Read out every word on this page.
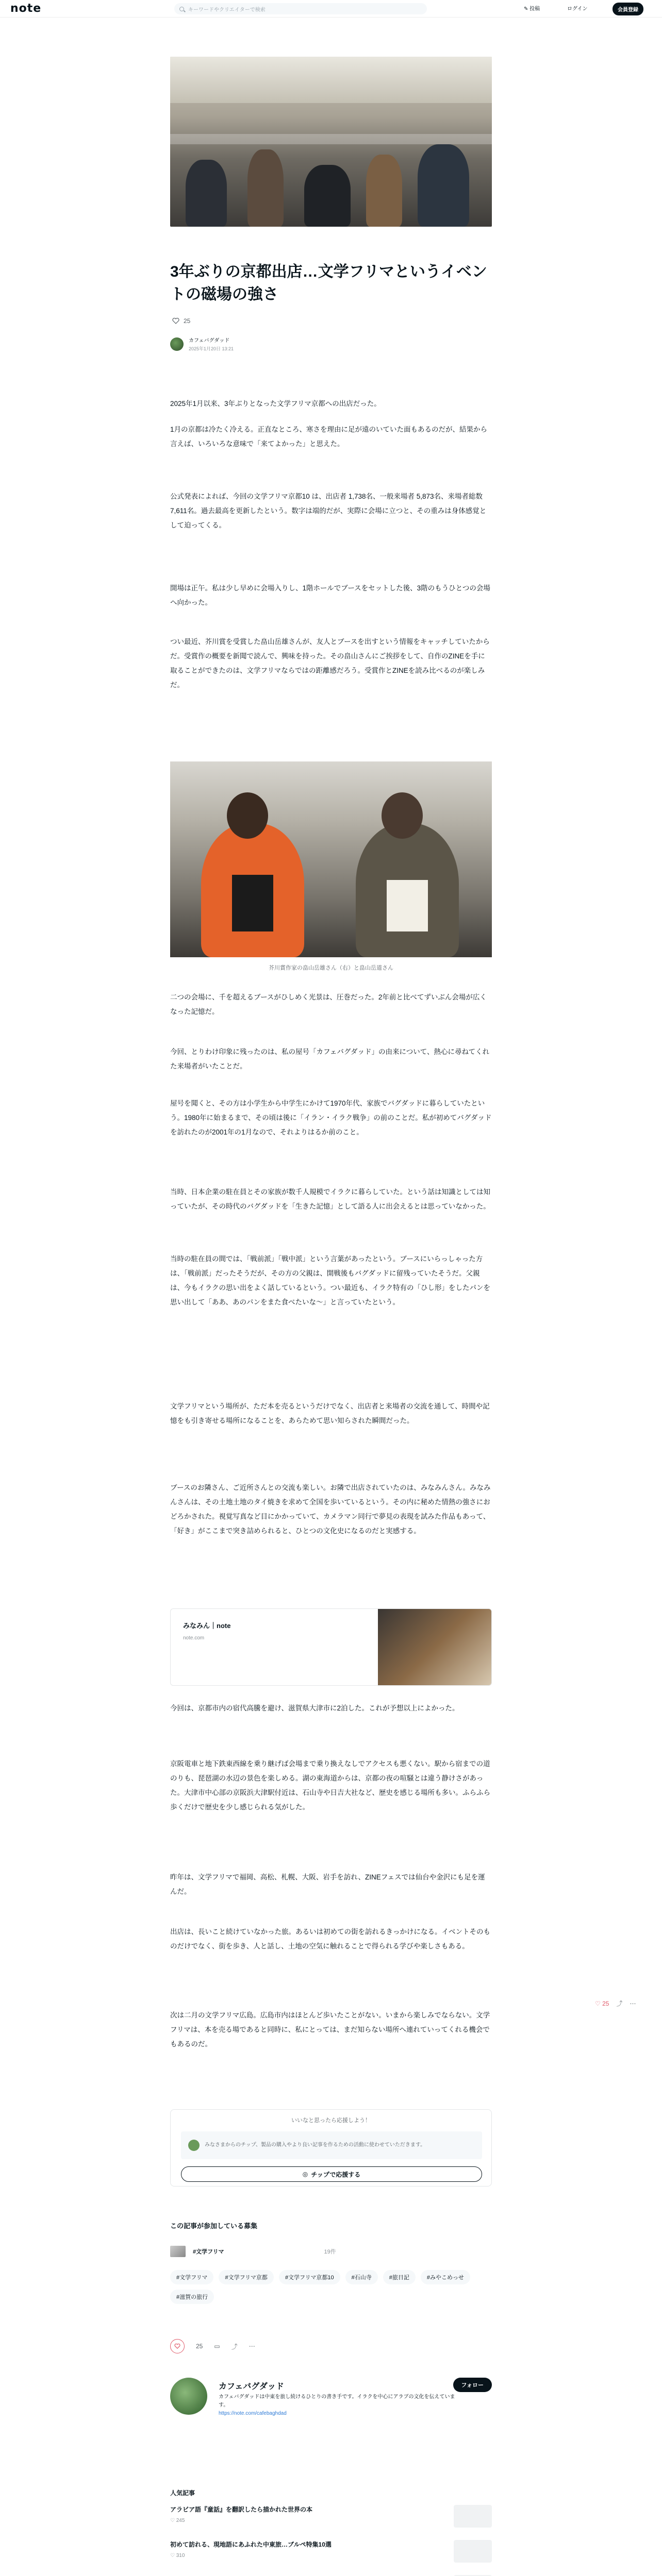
note	キーワードやクリエイターで検索	✎ 投稿	ログイン	会員登録
3年ぶりの京都出店…文学フリマというイベントの磁場の強さ
25
カフェバグダッド
2025年1月20日 13:21
2025年1月以来、3年ぶりとなった文学フリマ京都への出店だった。
1月の京都は冷たく冷える。正直なところ、寒さを理由に足が遠のいていた面もあるのだが、結果から言えば、いろいろな意味で「来てよかった」と思えた。
公式発表によれば、今回の文学フリマ京都10 は、出店者 1,738名、一般来場者 5,873名、来場者総数 7,611名。過去最高を更新したという。数字は端的だが、実際に会場に立つと、その重みは身体感覚として迫ってくる。
開場は正午。私は少し早めに会場入りし、1階ホールでブースをセットした後、3階のもうひとつの会場へ向かった。
つい最近、芥川賞を受賞した畠山岳雄さんが、友人とブースを出すという情報をキャッチしていたからだ。受賞作の概要を新聞で読んで、興味を持った。その畠山さんにご挨拶をして、自作のZINEを手に取ることができたのは、文学フリマならではの距離感だろう。受賞作とZINEを読み比べるのが楽しみだ。
芥川賞作家の畠山岳雄さん（右）と畠山岳道さん
二つの会場に、千を超えるブースがひしめく光景は、圧巻だった。2年前と比べてずいぶん会場が広くなった記憶だ。
今回、とりわけ印象に残ったのは、私の屋号「カフェバグダッド」の由来について、熱心に尋ねてくれた来場者がいたことだ。
屋号を聞くと、その方は小学生から中学生にかけて1970年代、家族でバグダッドに暮らしていたという。1980年に始まるまで、その頃は後に「イラン・イラク戦争」の前のことだ。私が初めてバグダッドを訪れたのが2001年の1月なので、それよりはるか前のこと。
当時、日本企業の駐在員とその家族が数千人規模でイラクに暮らしていた。という話は知識としては知っていたが、その時代のバグダッドを「生きた記憶」として語る人に出会えるとは思っていなかった。
当時の駐在員の間では、「戦前派」「戦中派」という言葉があったという。ブースにいらっしゃった方は、「戦前派」だったそうだが、その方の父親は、開戦後もバグダッドに留残っていたそうだ。父親は、今もイラクの思い出をよく話しているという。つい最近も、イラク特有の「ひし形」をしたパンを思い出して「ああ、あのパンをまた食べたいな～」と言っていたという。
文学フリマという場所が、ただ本を売るというだけでなく、出店者と来場者の交流を通して、時間や記憶をも引き寄せる場所になることを、あらためて思い知らされた瞬間だった。
ブースのお隣さん、ご近所さんとの交流も楽しい。お隣で出店されていたのは、みなみんさん。みなみんさんは、その土地土地のタイ焼きを求めて全国を歩いているという。その内に秘めた情熱の強さにおどろかされた。視覚写真など目にかかっていて、カメラマン同行で夢見の表現を試みた作品もあって、「好き」がここまで突き詰められると、ひとつの文化史になるのだと実感する。
みなみん｜note
note.com
今回は、京都市内の宿代高騰を避け、滋賀県大津市に2泊した。これが予想以上によかった。
京阪電車と地下鉄東西線を乗り継げば会場まで乗り換えなしでアクセスも悪くない。駅から宿までの道のりも、琵琶湖の水辺の景色を楽しめる。湖の東海道からは、京都の夜の喧騒とは違う静けさがあった。大津市中心部の京阪浜大津駅付近は、石山寺や日吉大社など、歴史を感じる場所も多い。ふらふら歩くだけで歴史を少し感じられる気がした。
昨年は、文学フリマで福岡、高松、札幌、大阪、岩手を訪れ、ZINEフェスでは仙台や金沢にも足を運んだ。
出店は、長いこと続けていなかった旅。あるいは初めての街を訪れるきっかけになる。イベントそのものだけでなく、街を歩き、人と話し、土地の空気に触れることで得られる学びや楽しさもある。
次は二月の文学フリマ広島。広島市内はほとんど歩いたことがない。いまから楽しみでならない。文学フリマは、本を売る場であると同時に、私にとっては、まだ知らない場所へ連れていってくれる機会でもあるのだ。
♡ 25 ⤴ ⋯
いいなと思ったら応援しよう！
みなさまからのチップ、製品の購入やより良い記事を作るための活動に使わせていただきます。
◎ チップで応援する
この記事が参加している募集
#文学フリマ	19件
#文学フリマ	#文学フリマ京都	#文学フリマ京都10	#石山寺	#旅日記	#みやこめっせ
#滋賀の旅行
25 ▭ ⤴ ⋯
カフェバグダッド	フォロー
カフェバグダッドは中東を旅し続けるひとりの書き手です。イラクを中心にアラブの文化を伝えています。
https://note.com/cafebaghdad
人気記事
アラビア語『童話』を翻訳したら描かれた世界の本
♡ 245
初めて訪れる、現地語にあふれた中東旅…ブルペ特集10選
♡ 310
